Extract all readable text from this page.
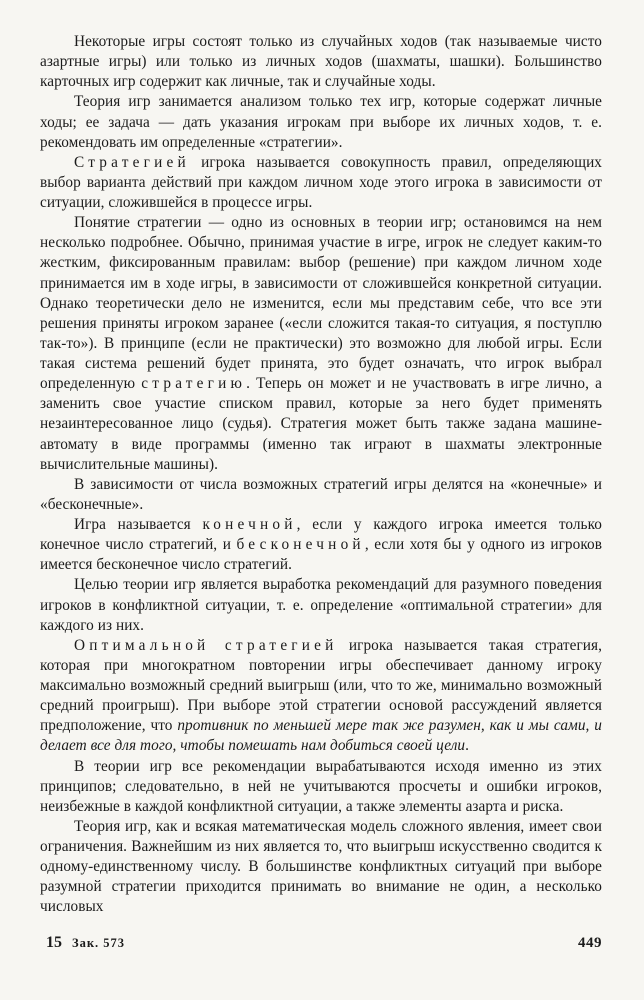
Некоторые игры состоят только из случайных ходов (так называемые чисто азартные игры) или только из личных ходов (шахматы, шашки). Большинство карточных игр содержит как личные, так и случайные ходы.

Теория игр занимается анализом только тех игр, которые содержат личные ходы; ее задача — дать указания игрокам при выборе их личных ходов, т. е. рекомендовать им определенные «стратегии».

Стратегией игрока называется совокупность правил, определяющих выбор варианта действий при каждом личном ходе этого игрока в зависимости от ситуации, сложившейся в процессе игры.

Понятие стратегии — одно из основных в теории игр; остановимся на нем несколько подробнее. Обычно, принимая участие в игре, игрок не следует каким-то жестким, фиксированным правилам: выбор (решение) при каждом личном ходе принимается им в ходе игры, в зависимости от сложившейся конкретной ситуации. Однако теоретически дело не изменится, если мы представим себе, что все эти решения приняты игроком заранее («если сложится такая-то ситуация, я поступлю так-то»). В принципе (если не практически) это возможно для любой игры. Если такая система решений будет принята, это будет означать, что игрок выбрал определенную стратегию. Теперь он может и не участвовать в игре лично, а заменить свое участие списком правил, которые за него будет применять незаинтересованное лицо (судья). Стратегия может быть также задана машине-автомату в виде программы (именно так играют в шахматы электронные вычислительные машины).

В зависимости от числа возможных стратегий игры делятся на «конечные» и «бесконечные».

Игра называется конечной, если у каждого игрока имеется только конечное число стратегий, и бесконечной, если хотя бы у одного из игроков имеется бесконечное число стратегий.

Целью теории игр является выработка рекомендаций для разумного поведения игроков в конфликтной ситуации, т. е. определение «оптимальной стратегии» для каждого из них.

Оптимальной стратегией игрока называется такая стратегия, которая при многократном повторении игры обеспечивает данному игроку максимально возможный средний выигрыш (или, что то же, минимально возможный средний проигрыш). При выборе этой стратегии основой рассуждений является предположение, что противник по меньшей мере так же разумен, как и мы сами, и делает все для того, чтобы помешать нам добиться своей цели.

В теории игр все рекомендации вырабатываются исходя именно из этих принципов; следовательно, в ней не учитываются просчеты и ошибки игроков, неизбежные в каждой конфликтной ситуации, а также элементы азарта и риска.

Теория игр, как и всякая математическая модель сложного явления, имеет свои ограничения. Важнейшим из них является то, что выигрыш искусственно сводится к одному-единственному числу. В большинстве конфликтных ситуаций при выборе разумной стратегии приходится принимать во внимание не один, а несколько числовых

15 Зак. 573	449
